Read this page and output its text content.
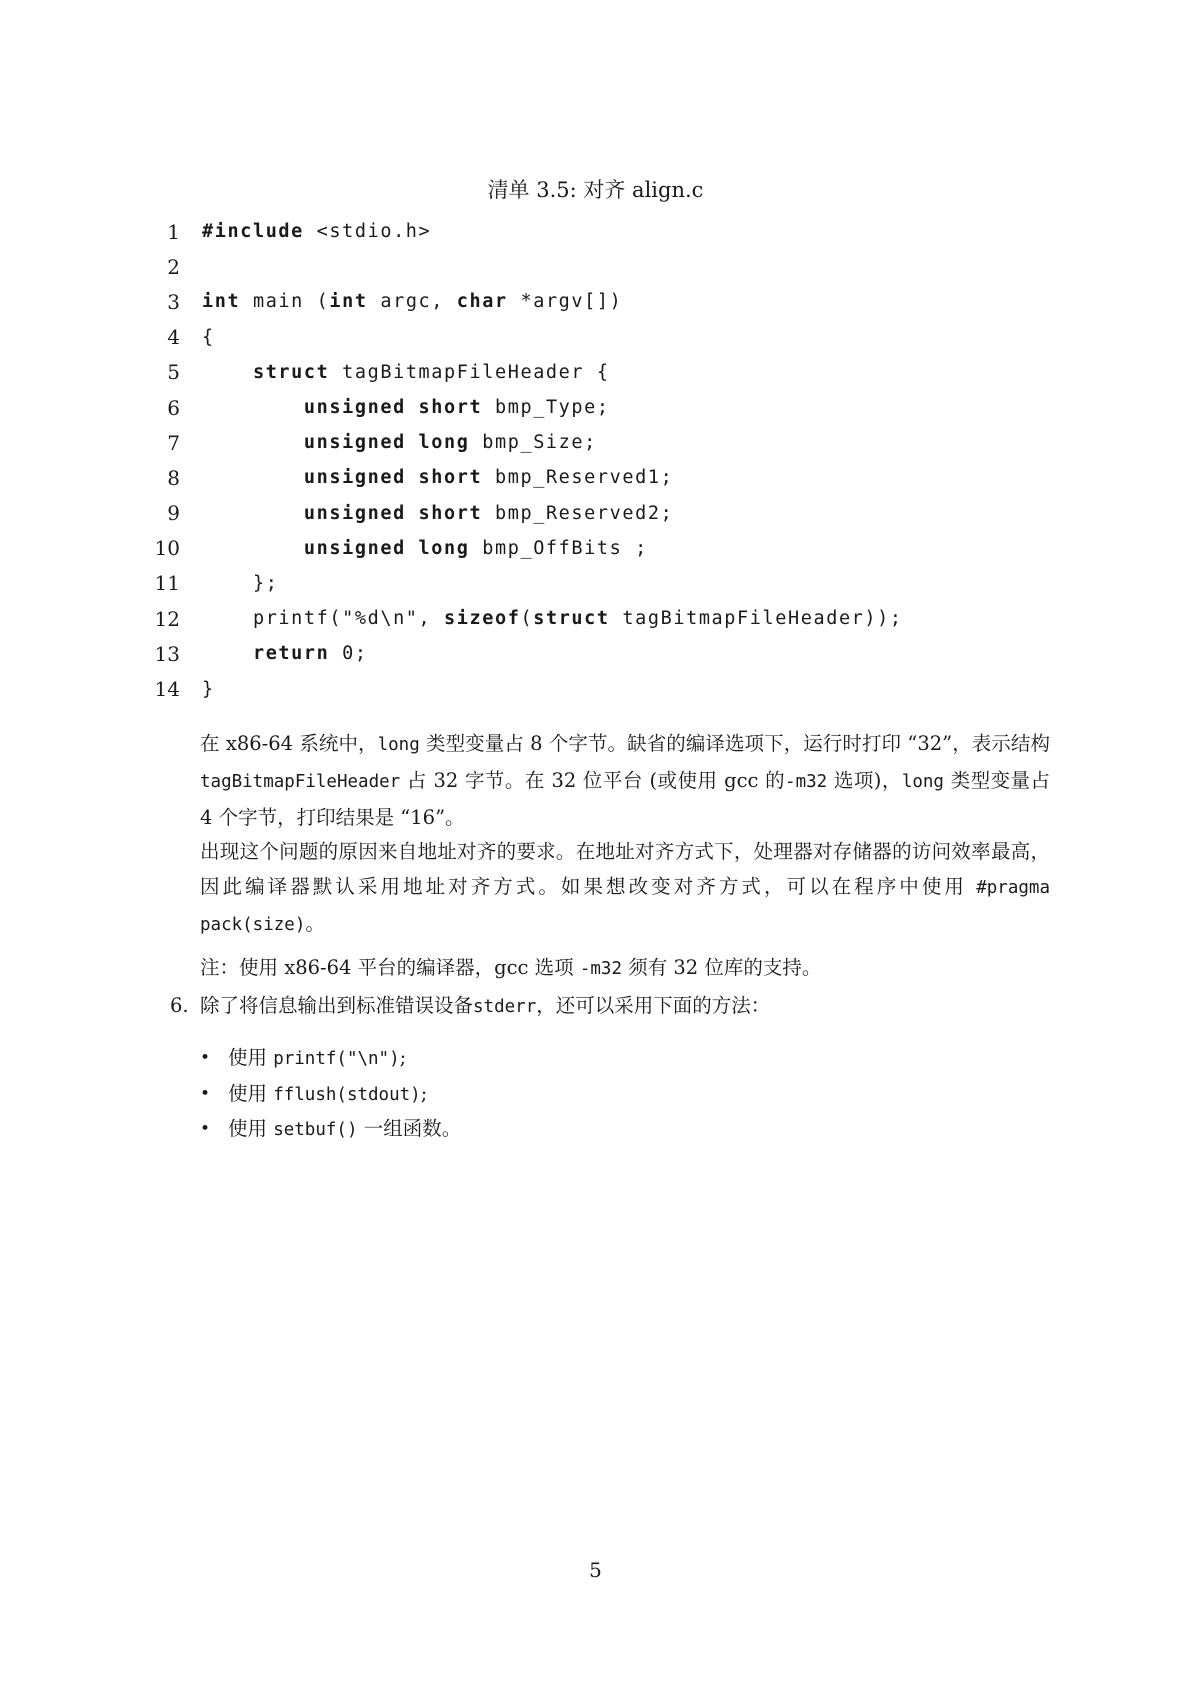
清单 3.5: 对齐 align.c
1 #include <stdio.h>
2
3 int main (int argc, char *argv[])
4 {
5	struct tagBitmapFileHeader {
6	unsigned short bmp_Type;
7	unsigned long bmp_Size;
8	unsigned short bmp_Reserved1;
9	unsigned short bmp_Reserved2;
10	unsigned long bmp_OffBits ;
11 };
12 printf("%d\n", sizeof(struct tagBitmapFileHeader));
13	return 0;
14 }
在 x86-64 系统中，long 类型变量占 8 个字节。缺省的编译选项下，运行时打印 “32”，表示结构 tagBitmapFileHeader 占 32 字节。在 32 位平台 (或使用 gcc 的-m32 选项)，long 类型变量占 4 个字节，打印结果是 “16”。
出现这个问题的原因来自地址对齐的要求。在地址对齐方式下，处理器对存储器的访问效率最高，因此编译器默认采用地址对齐方式。如果想改变对齐方式，可以在程序中使用 #pragma pack(size)。
注：使用 x86-64 平台的编译器，gcc 选项 -m32 须有 32 位库的支持。
6. 除了将信息输出到标准错误设备stderr，还可以采用下面的方法：
• 使用 printf("\n");
• 使用 fflush(stdout);
• 使用 setbuf() 一组函数。
5
